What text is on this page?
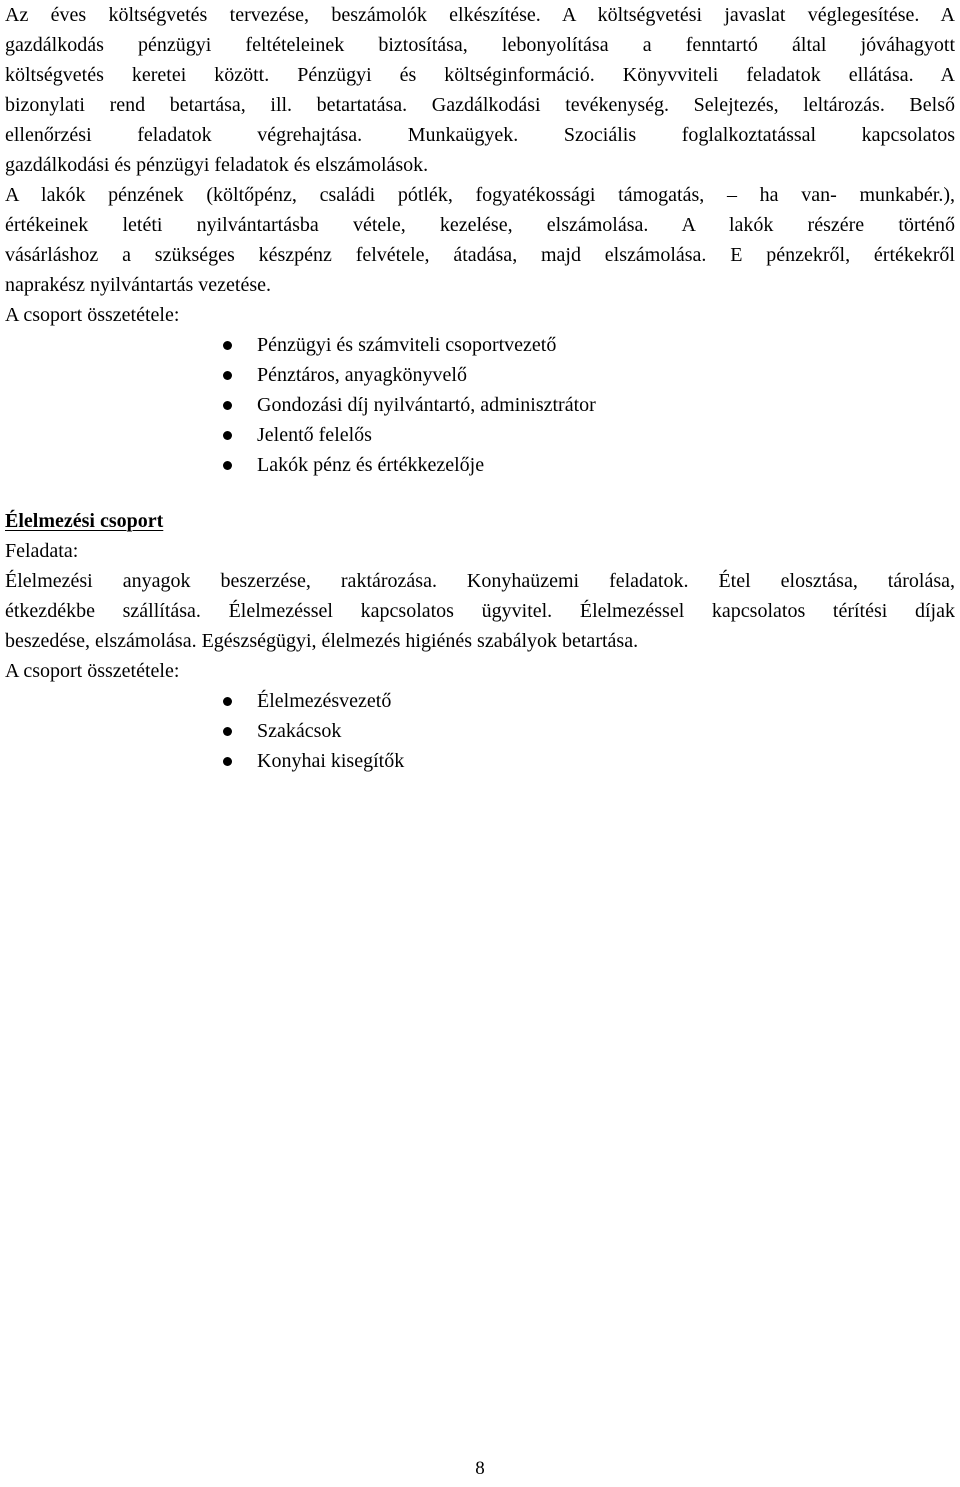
Az éves költségvetés tervezése, beszámolók elkészítése. A költségvetési javaslat véglegesítése. A
gazdálkodás pénzügyi feltételeinek biztosítása, lebonyolítása a fenntartó által jóváhagyott
költségvetés keretei között. Pénzügyi és költséginformáció. Könyvviteli feladatok ellátása. A
bizonylati rend betartása, ill. betartatása. Gazdálkodási tevékenység. Selejtezés, leltározás. Belső
ellenőrzési feladatok végrehajtása. Munkaügyek. Szociális foglalkoztatással kapcsolatos
gazdálkodási és pénzügyi feladatok és elszámolások.
A lakók pénzének (költőpénz, családi pótlék, fogyatékossági támogatás, – ha van- munkabér.),
értékeinek letéti nyilvántartásba vétele, kezelése, elszámolása. A lakók részére történő
vásárláshoz a szükséges készpénz felvétele, átadása, majd elszámolása. E pénzekről, értékekről
naprakész nyilvántartás vezetése.
A csoport összetétele:
Pénzügyi és számviteli csoportvezető
Pénztáros, anyagkönyvelő
Gondozási díj nyilvántartó, adminisztrátor
Jelentő felelős
Lakók pénz és értékkezelője
Élelmezési csoport
Feladata:
Élelmezési anyagok beszerzése, raktározása. Konyhaüzemi feladatok. Étel elosztása, tárolása,
étkezdékbe szállítása. Élelmezéssel kapcsolatos ügyvitel. Élelmezéssel kapcsolatos térítési díjak
beszedése, elszámolása. Egészségügyi, élelmezés higiénés szabályok betartása.
A csoport összetétele:
Élelmezésvezető
Szakácsok
Konyhai kisegítők
8
